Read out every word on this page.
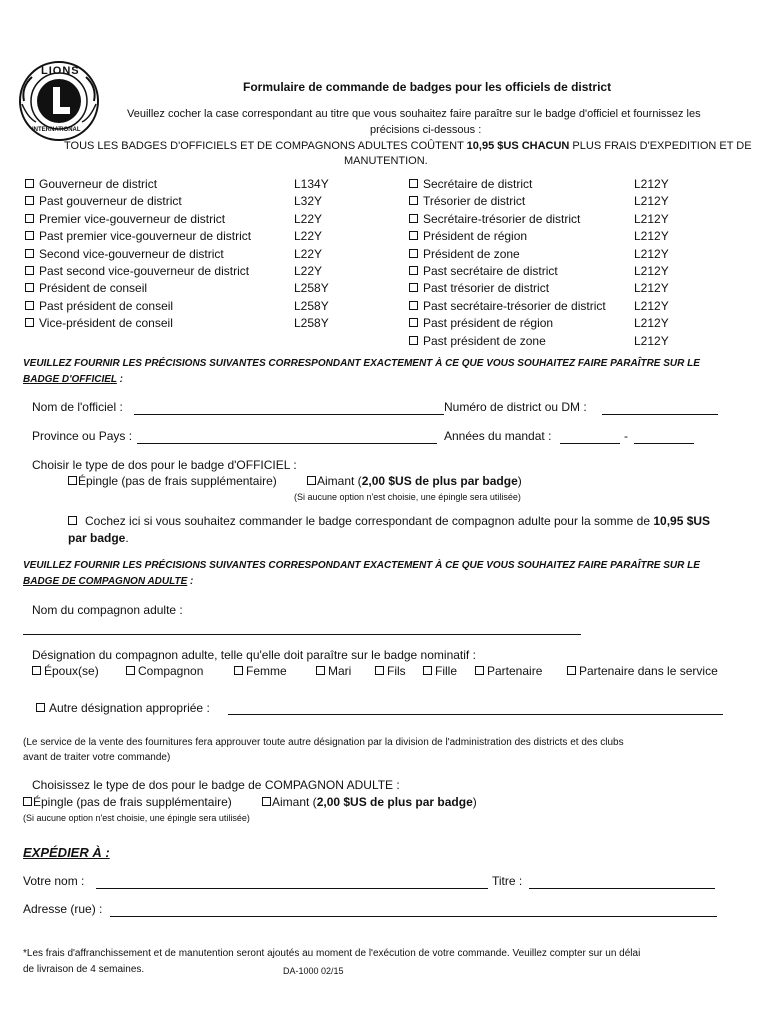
LIONS
INTERNATIONAL
Formulaire de commande de badges pour les officiels de district
Veuillez cocher la case correspondant au titre que vous souhaitez faire paraître sur le badge d'officiel et fournissez les
précisions ci-dessous :
TOUS LES BADGES D'OFFICIELS ET DE COMPAGNONS ADULTES COÛTENT 10,95 $US CHACUN PLUS FRAIS D'EXPEDITION ET DE
MANUTENTION.
Gouverneur de district	L134Y
Past gouverneur de district	L32Y
Premier vice-gouverneur de district	L22Y
Past premier vice-gouverneur de district	L22Y
Second vice-gouverneur de district	L22Y
Past second vice-gouverneur de district	L22Y
Président de conseil	L258Y
Past président de conseil	L258Y
Vice-président de conseil	L258Y
Secrétaire de district	L212Y
Trésorier de district	L212Y
Secrétaire-trésorier de district	L212Y
Président de région	L212Y
Président de zone	L212Y
Past secrétaire de district	L212Y
Past trésorier de district	L212Y
Past secrétaire-trésorier de district L212Y
Past président de région	L212Y
Past président de zone	L212Y
VEUILLEZ FOURNIR LES PRÉCISIONS SUIVANTES CORRESPONDANT EXACTEMENT À CE QUE VOUS SOUHAITEZ FAIRE PARAÎTRE SUR LE
BADGE D'OFFICIEL :
Nom de l'officiel :	Numéro de district ou DM :
Province ou Pays :	Années du mandat :	-
Choisir le type de dos pour le badge d'OFFICIEL :
Épingle (pas de frais supplémentaire)	Aimant (2,00 $US de plus par badge)
(Si aucune option n'est choisie, une épingle sera utilisée)
Cochez ici si vous souhaitez commander le badge correspondant de compagnon adulte pour la somme de 10,95 $US
par badge.
VEUILLEZ FOURNIR LES PRÉCISIONS SUIVANTES CORRESPONDANT EXACTEMENT À CE QUE VOUS SOUHAITEZ FAIRE PARAÎTRE SUR LE
BADGE DE COMPAGNON ADULTE :
Nom du compagnon adulte :
Désignation du compagnon adulte, telle qu'elle doit paraître sur le badge nominatif :
Époux(se)	Compagnon	Femme	Mari	Fils	Fille	Partenaire	Partenaire dans le service
Autre désignation appropriée :
(Le service de la vente des fournitures fera approuver toute autre désignation par la division de l'administration des districts et des clubs
avant de traiter votre commande)
Choisissez le type de dos pour le badge de COMPAGNON ADULTE :
Épingle (pas de frais supplémentaire)	Aimant (2,00 $US de plus par badge)
(Si aucune option n'est choisie, une épingle sera utilisée)
EXPÉDIER À :
Votre nom :	Titre :
Adresse (rue) :
*Les frais d'affranchissement et de manutention seront ajoutés au moment de l'exécution de votre commande. Veuillez compter sur un délai
de livraison de 4 semaines.	DA-1000 02/15
